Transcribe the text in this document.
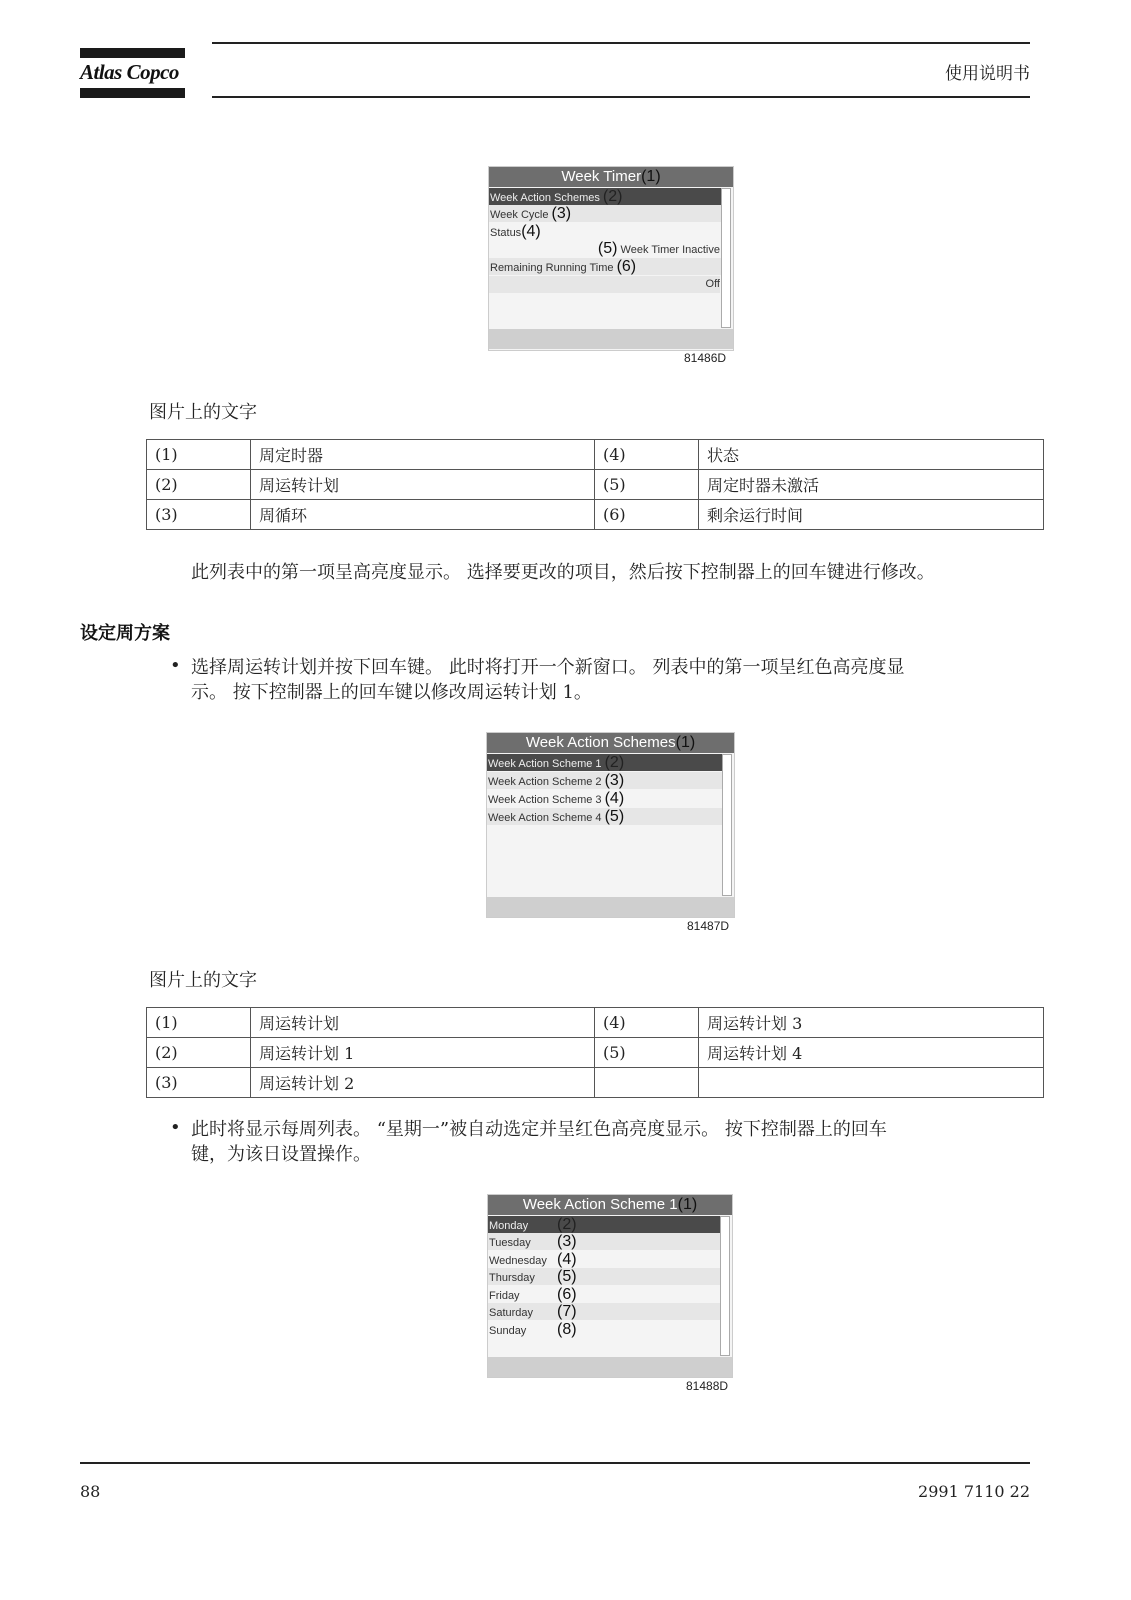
Atlas Copco	使用说明书
Week Timer(1)
Week Action Schemes (2)
Week Cycle (3)
Status(4)
(5) Week Timer Inactive
Remaining Running Time (6)
Off
81486D
图片上的文字
(1)	周定时器	(4)	状态
(2)	周运转计划	(5)	周定时器未激活
(3)	周循环	(6)	剩余运行时间
此列表中的第一项呈高亮度显示。 选择要更改的项目，然后按下控制器上的回车键进行修改。
设定周方案
• 选择周运转计划并按下回车键。 此时将打开一个新窗口。 列表中的第一项呈红色高亮度显
示。 按下控制器上的回车键以修改周运转计划 1。
Week Action Schemes(1)
Week Action Scheme 1 (2)
Week Action Scheme 2 (3)
Week Action Scheme 3 (4)
Week Action Scheme 4 (5)
81487D
图片上的文字
(1)	周运转计划	(4)	周运转计划 3
(2)	周运转计划 1	(5)	周运转计划 4
(3)	周运转计划 2		
• 此时将显示每周列表。 “星期一”被自动选定并呈红色高亮度显示。 按下控制器上的回车
键，为该日设置操作。
Week Action Scheme 1(1)
Monday (2)
Tuesday (3)
Wednesday (4)
Thursday (5)
Friday (6)
Saturday (7)
Sunday (8)
81488D
88	2991 7110 22
